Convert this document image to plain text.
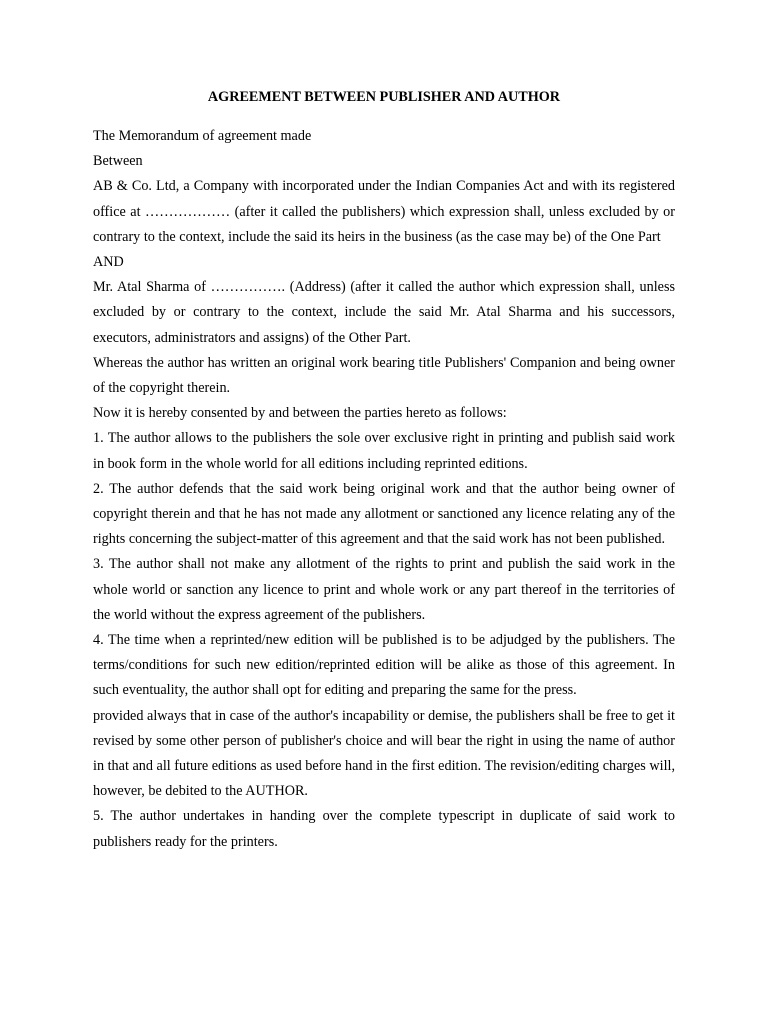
AGREEMENT BETWEEN PUBLISHER AND AUTHOR

The Memorandum of agreement made

Between

AB & Co. Ltd, a Company with incorporated under the Indian Companies Act and with its registered office at ……………… (after it called the publishers) which expression shall, unless excluded by or contrary to the context, include the said its heirs in the business (as the case may be) of the One Part

AND

Mr. Atal Sharma of ……………. (Address) (after it called the author which expression shall, unless excluded by or contrary to the context, include the said Mr. Atal Sharma and his successors, executors, administrators and assigns) of the Other Part.

Whereas the author has written an original work bearing title Publishers' Companion and being owner of the copyright therein.

Now it is hereby consented by and between the parties hereto as follows:

1. The author allows to the publishers the sole over exclusive right in printing and publish said work in book form in the whole world for all editions including reprinted editions.

2. The author defends that the said work being original work and that the author being owner of copyright therein and that he has not made any allotment or sanctioned any licence relating any of the rights concerning the subject-matter of this agreement and that the said work has not been published.

3. The author shall not make any allotment of the rights to print and publish the said work in the whole world or sanction any licence to print and whole work or any part thereof in the territories of the world without the express agreement of the publishers.

4. The time when a reprinted/new edition will be published is to be adjudged by the publishers. The terms/conditions for such new edition/reprinted edition will be alike as those of this agreement. In such eventuality, the author shall opt for editing and preparing the same for the press.

provided always that in case of the author's incapability or demise, the publishers shall be free to get it revised by some other person of publisher's choice and will bear the right in using the name of author in that and all future editions as used before hand in the first edition. The revision/editing charges will, however, be debited to the AUTHOR.

5. The author undertakes in handing over the complete typescript in duplicate of said work to publishers ready for the printers.
